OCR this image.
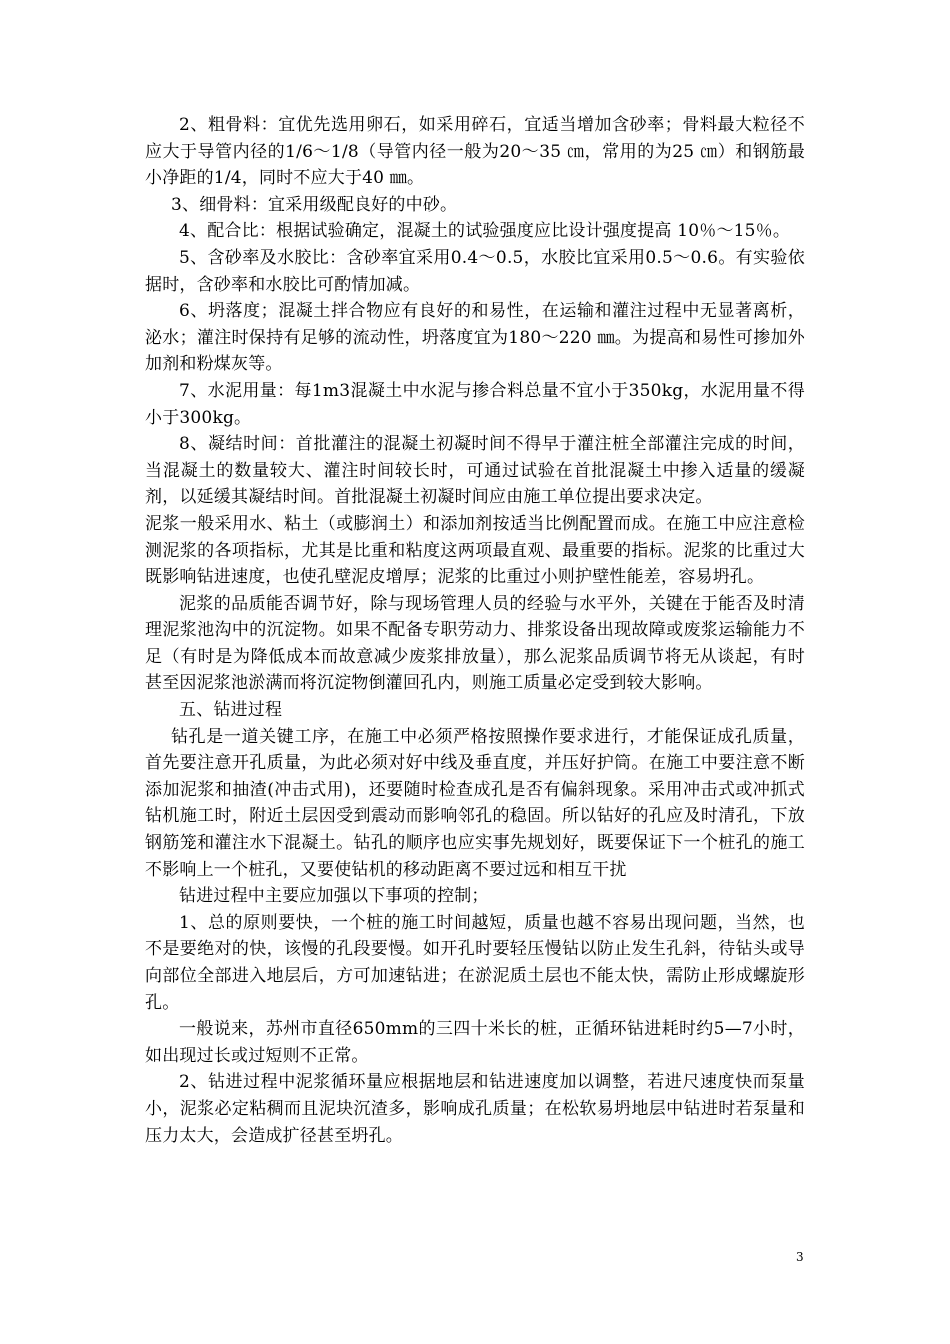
2、粗骨料：宜优先选用卵石，如采用碎石，宜适当增加含砂率；骨料最大粒径不应大于导管内径的1/6～1/8（导管内径一般为20～35 ㎝，常用的为25 ㎝）和钢筋最小净距的1/4，同时不应大于40 ㎜。

3、细骨料：宜采用级配良好的中砂。

4、配合比：根据试验确定，混凝土的试验强度应比设计强度提高 10％～15％。

5、含砂率及水胶比：含砂率宜采用0.4～0.5，水胶比宜采用0.5～0.6。有实验依据时，含砂率和水胶比可酌情加减。

6、坍落度；混凝土拌合物应有良好的和易性，在运输和灌注过程中无显著离析，泌水；灌注时保持有足够的流动性，坍落度宜为180～220 ㎜。为提高和易性可掺加外加剂和粉煤灰等。

7、水泥用量：每1m3混凝土中水泥与掺合料总量不宜小于350kg，水泥用量不得小于300kg。

8、凝结时间：首批灌注的混凝土初凝时间不得早于灌注桩全部灌注完成的时间，当混凝土的数量较大、灌注时间较长时，可通过试验在首批混凝土中掺入适量的缓凝剂，以延缓其凝结时间。首批混凝土初凝时间应由施工单位提出要求决定。

泥浆一般采用水、粘土（或膨润土）和添加剂按适当比例配置而成。在施工中应注意检测泥浆的各项指标，尤其是比重和粘度这两项最直观、最重要的指标。泥浆的比重过大既影响钻进速度，也使孔壁泥皮增厚；泥浆的比重过小则护壁性能差，容易坍孔。

泥浆的品质能否调节好，除与现场管理人员的经验与水平外，关键在于能否及时清理泥浆池沟中的沉淀物。如果不配备专职劳动力、排浆设备出现故障或废浆运输能力不足（有时是为降低成本而故意减少废浆排放量），那么泥浆品质调节将无从谈起，有时甚至因泥浆池淤满而将沉淀物倒灌回孔内，则施工质量必定受到较大影响。

五、钻进过程

钻孔是一道关键工序，在施工中必须严格按照操作要求进行，才能保证成孔质量，首先要注意开孔质量，为此必须对好中线及垂直度，并压好护筒。在施工中要注意不断添加泥浆和抽渣(冲击式用)，还要随时检查成孔是否有偏斜现象。采用冲击式或冲抓式钻机施工时，附近土层因受到震动而影响邻孔的稳固。所以钻好的孔应及时清孔，下放钢筋笼和灌注水下混凝土。钻孔的顺序也应实事先规划好，既要保证下一个桩孔的施工不影响上一个桩孔，又要使钻机的移动距离不要过远和相互干扰

钻进过程中主要应加强以下事项的控制；

1、总的原则要快，一个桩的施工时间越短，质量也越不容易出现问题，当然，也不是要绝对的快，该慢的孔段要慢。如开孔时要轻压慢钻以防止发生孔斜，待钻头或导向部位全部进入地层后，方可加速钻进；在淤泥质土层也不能太快，需防止形成螺旋形孔。

一般说来，苏州市直径650mm的三四十米长的桩，正循环钻进耗时约5—7小时，如出现过长或过短则不正常。

2、钻进过程中泥浆循环量应根据地层和钻进速度加以调整，若进尺速度快而泵量小，泥浆必定粘稠而且泥块沉渣多，影响成孔质量；在松软易坍地层中钻进时若泵量和压力太大，会造成扩径甚至坍孔。

3
